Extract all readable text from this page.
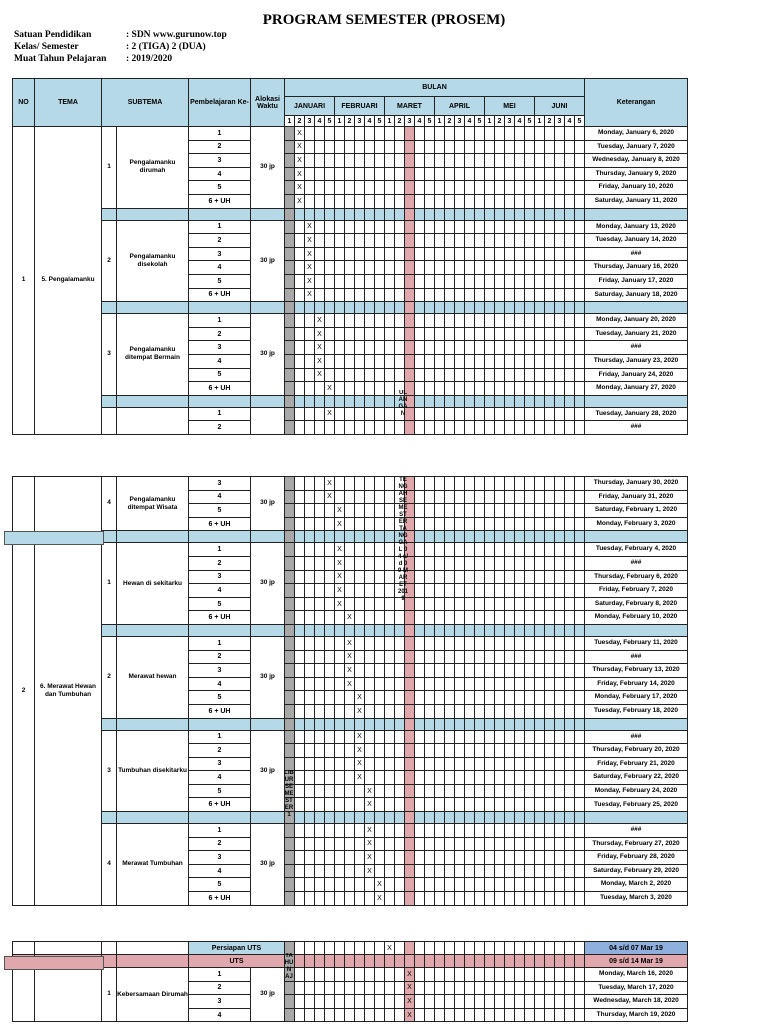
PROGRAM SEMESTER (PROSEM)
Satuan Pendidikan	: SDN www.gurunow.top
Kelas/ Semester	: 2 (TIGA) 2 (DUA)
Muat Tahun Pelajaran : 2019/2020
NO	TEMA	SUBTEMA		Pembelajaran Ke-	Alokasi Waktu	BULAN																														Keterangan
						JANUARI					FEBRUARI					MARET					APRIL					MEI					JUNI					
						1	2	3	4	5	1	2	3	4	5	1	2	3	4	5	1	2	3	4	5	1	2	3	4	5	1	2	3	4	5	
1	5. Pengalamanku	1	Pengalamanku dirumah	1	30 jp		X																													Monday, January 6, 2020
				2			X																													Tuesday, January 7, 2020
				3			X																													Wednesday, January 8, 2020
				4			X																													Thursday, January 9, 2020
				5			X																													Friday, January 10, 2020
				6 + UH			X																													Saturday, January 11, 2020

		2	Pengalamanku disekolah	1	30 jp			X																												Monday, January 13, 2020
				2				X																												Tuesday, January 14, 2020
				3				X																												###
				4				X																												Thursday, January 16, 2020
				5				X																												Friday, January 17, 2020
				6 + UH				X																												Saturday, January 18, 2020

		3	Pengalamanku ditempat Bermain	1	30 jp				X																											Monday, January 20, 2020
				2					X																											Tuesday, January 21, 2020
				3					X																											###
				4					X																											Thursday, January 23, 2020
				5					X																											Friday, January 24, 2020
				6 + UH						X																										Monday, January 27, 2020

				1						X																										Tuesday, January 28, 2020
				2																																###
2	6. Merawat Hewan dan Tumbuhan	4	Pengalamanku ditempat Wisata	3	30 jp					X																										Thursday, January 30, 2020
				4						X																										Friday, January 31, 2020
				5							X																									Saturday, February 1, 2020
				6 + UH							X																									Monday, February 3, 2020

		1	Hewan di sekitarku	1	30 jp						X																									Tuesday, February 4, 2020
				2							X																									###
				3							X																									Thursday, February 6, 2020
				4							X																									Friday, February 7, 2020
				5							X																									Saturday, February 8, 2020
				6 + UH								X																								Monday, February 10, 2020

		2	Merawat hewan	1	30 jp							X																								Tuesday, February 11, 2020
				2								X																								###
				3								X																								Thursday, February 13, 2020
				4								X																								Friday, February 14, 2020
				5									X																							Monday, February 17, 2020
				6 + UH									X																							Tuesday, February 18, 2020

		3	Tumbuhan disekitarku	1	30 jp								X																							###
				2									X																							Thursday, February 20, 2020
				3									X																							Friday, February 21, 2020
				4									X																							Saturday, February 22, 2020
				5										X																						Monday, February 24, 2020
				6 + UH										X																						Tuesday, February 25, 2020

		4	Merawat Tumbuhan	1	30 jp									X																						###
				2										X																						Thursday, February 27, 2020
				3										X																						Friday, February 28, 2020
				4										X																						Saturday, February 29, 2020
				5											X																					Monday, March 2, 2020
				6 + UH											X																					Tuesday, March 3, 2020
				Persiapan UTS												X																				04 s/d 07 Mar 19
				UTS																																09 s/d 14 Mar 19
		1	Kebersamaan Dirumah	1	30 jp													X																		Monday, March 16, 2020
				2														X																		Tuesday, March 17, 2020
				3														X																		Wednesday, March 18, 2020
				4														X																		Thursday, March 19, 2020
ULANGAN
TENGAH SEMESTER TANGGAL 04 s/d 09 MARET 2019
LIBUR SEMESTER 1
TAHUN AJ
